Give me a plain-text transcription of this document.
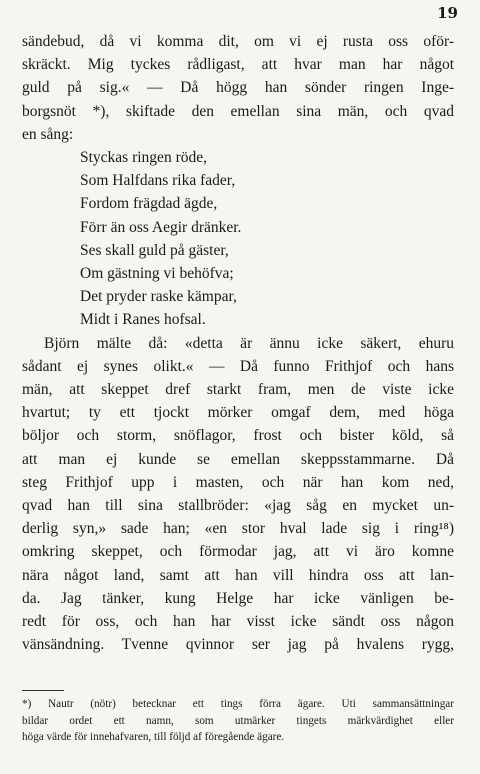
19
sändebud, då vi komma dit, om vi ej rusta oss oför-
skräckt. Mig tyckes rådligast, att hvar man har något
guld på sig.« — Då högg han sönder ringen Inge-
borgsnöt *), skiftade den emellan sina män, och qvad
en sång:
Styckas ringen röde,
Som Halfdans rika fader,
Fordom frägdad ägde,
Förr än oss Aegir dränker.
Ses skall guld på gäster,
Om gästning vi behöfva;
Det pryder raske kämpar,
Midt i Ranes hofsal.
Björn mälte då: «detta är ännu icke säkert, ehuru
sådant ej synes olikt.« — Då funno Frithjof och hans
män, att skeppet dref starkt fram, men de viste icke
hvartut; ty ett tjockt mörker omgaf dem, med höga
böljor och storm, snöflagor, frost och bister köld, så
att man ej kunde se emellan skeppsstammarne. Då
steg Frithjof upp i masten, och när han kom ned,
qvad han till sina stallbröder: «jag såg en mycket un-
derlig syn,» sade han; «en stor hval lade sig i ring¹⁸)
omkring skeppet, och förmodar jag, att vi äro komne
nära något land, samt att han vill hindra oss att lan-
da. Jag tänker, kung Helge har icke vänligen be-
redt för oss, och han har visst icke sändt oss någon
vänsändning. Tvenne qvinnor ser jag på hvalens rygg,
*) Nautr (nötr) betecknar ett tings förra ägare. Uti sammansättningar
bildar ordet ett namn, som utmärker tingets märkvärdighet eller
höga värde för innehafvaren, till följd af föregående ägare.
